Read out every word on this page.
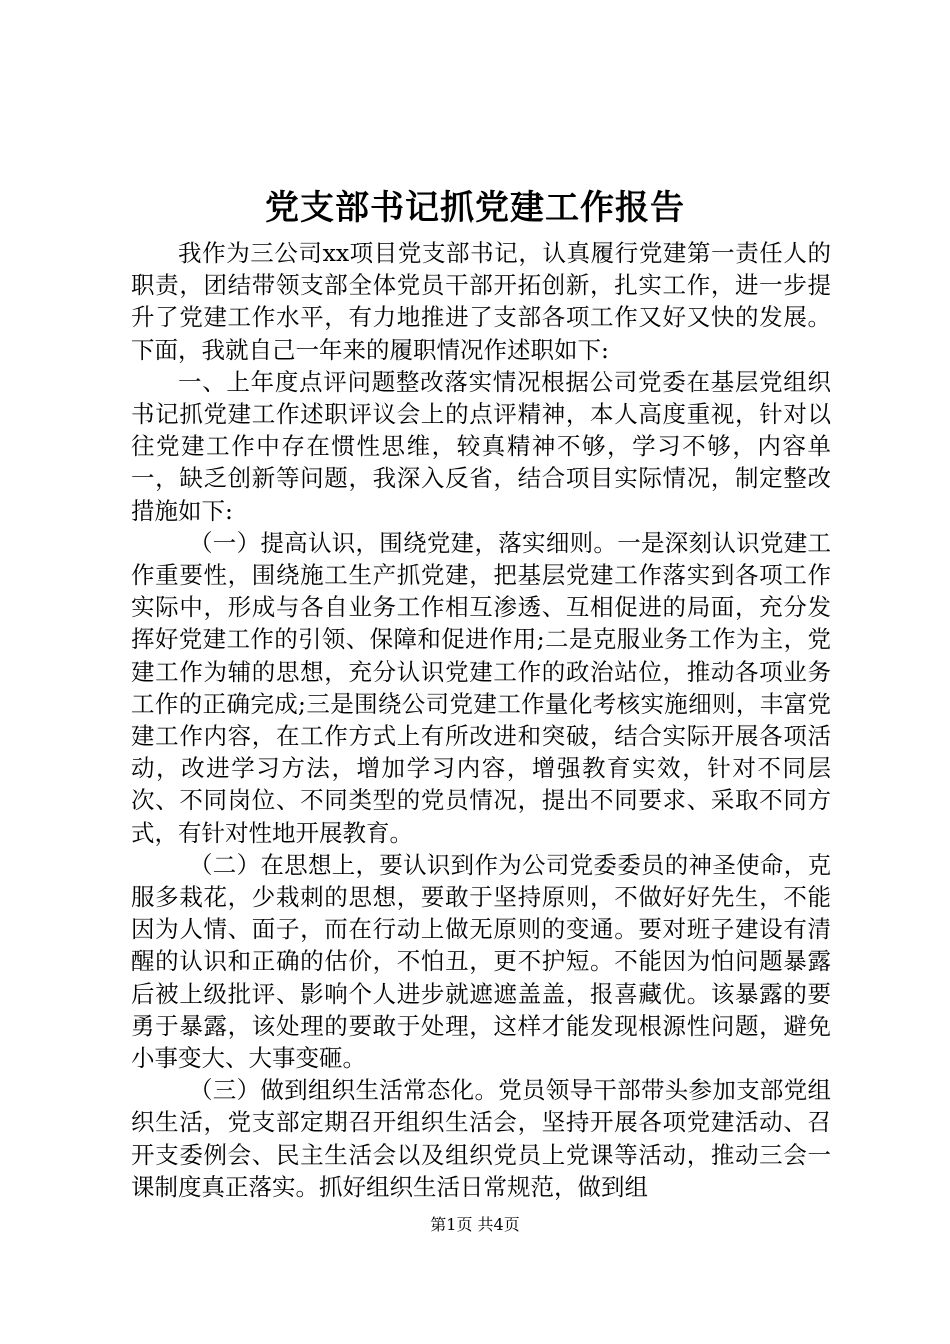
党支部书记抓党建工作报告

我作为三公司xx项目党支部书记，认真履行党建第一责任人的职责，团结带领支部全体党员干部开拓创新，扎实工作，进一步提升了党建工作水平，有力地推进了支部各项工作又好又快的发展。下面，我就自己一年来的履职情况作述职如下:

一、上年度点评问题整改落实情况根据公司党委在基层党组织书记抓党建工作述职评议会上的点评精神，本人高度重视，针对以往党建工作中存在惯性思维，较真精神不够，学习不够，内容单一，缺乏创新等问题，我深入反省，结合项目实际情况，制定整改措施如下:

（一）提高认识，围绕党建，落实细则。一是深刻认识党建工作重要性，围绕施工生产抓党建，把基层党建工作落实到各项工作实际中，形成与各自业务工作相互渗透、互相促进的局面，充分发挥好党建工作的引领、保障和促进作用;二是克服业务工作为主，党建工作为辅的思想，充分认识党建工作的政治站位，推动各项业务工作的正确完成;三是围绕公司党建工作量化考核实施细则，丰富党建工作内容，在工作方式上有所改进和突破，结合实际开展各项活动，改进学习方法，增加学习内容，增强教育实效，针对不同层次、不同岗位、不同类型的党员情况，提出不同要求、采取不同方式，有针对性地开展教育。

（二）在思想上，要认识到作为公司党委委员的神圣使命，克服多栽花，少栽刺的思想，要敢于坚持原则，不做好好先生，不能因为人情、面子，而在行动上做无原则的变通。要对班子建设有清醒的认识和正确的估价，不怕丑，更不护短。不能因为怕问题暴露后被上级批评、影响个人进步就遮遮盖盖，报喜藏优。该暴露的要勇于暴露，该处理的要敢于处理，这样才能发现根源性问题，避免小事变大、大事变砸。

（三）做到组织生活常态化。党员领导干部带头参加支部党组织生活，党支部定期召开组织生活会，坚持开展各项党建活动、召开支委例会、民主生活会以及组织党员上党课等活动，推动三会一课制度真正落实。抓好组织生活日常规范，做到组

第1页 共4页
